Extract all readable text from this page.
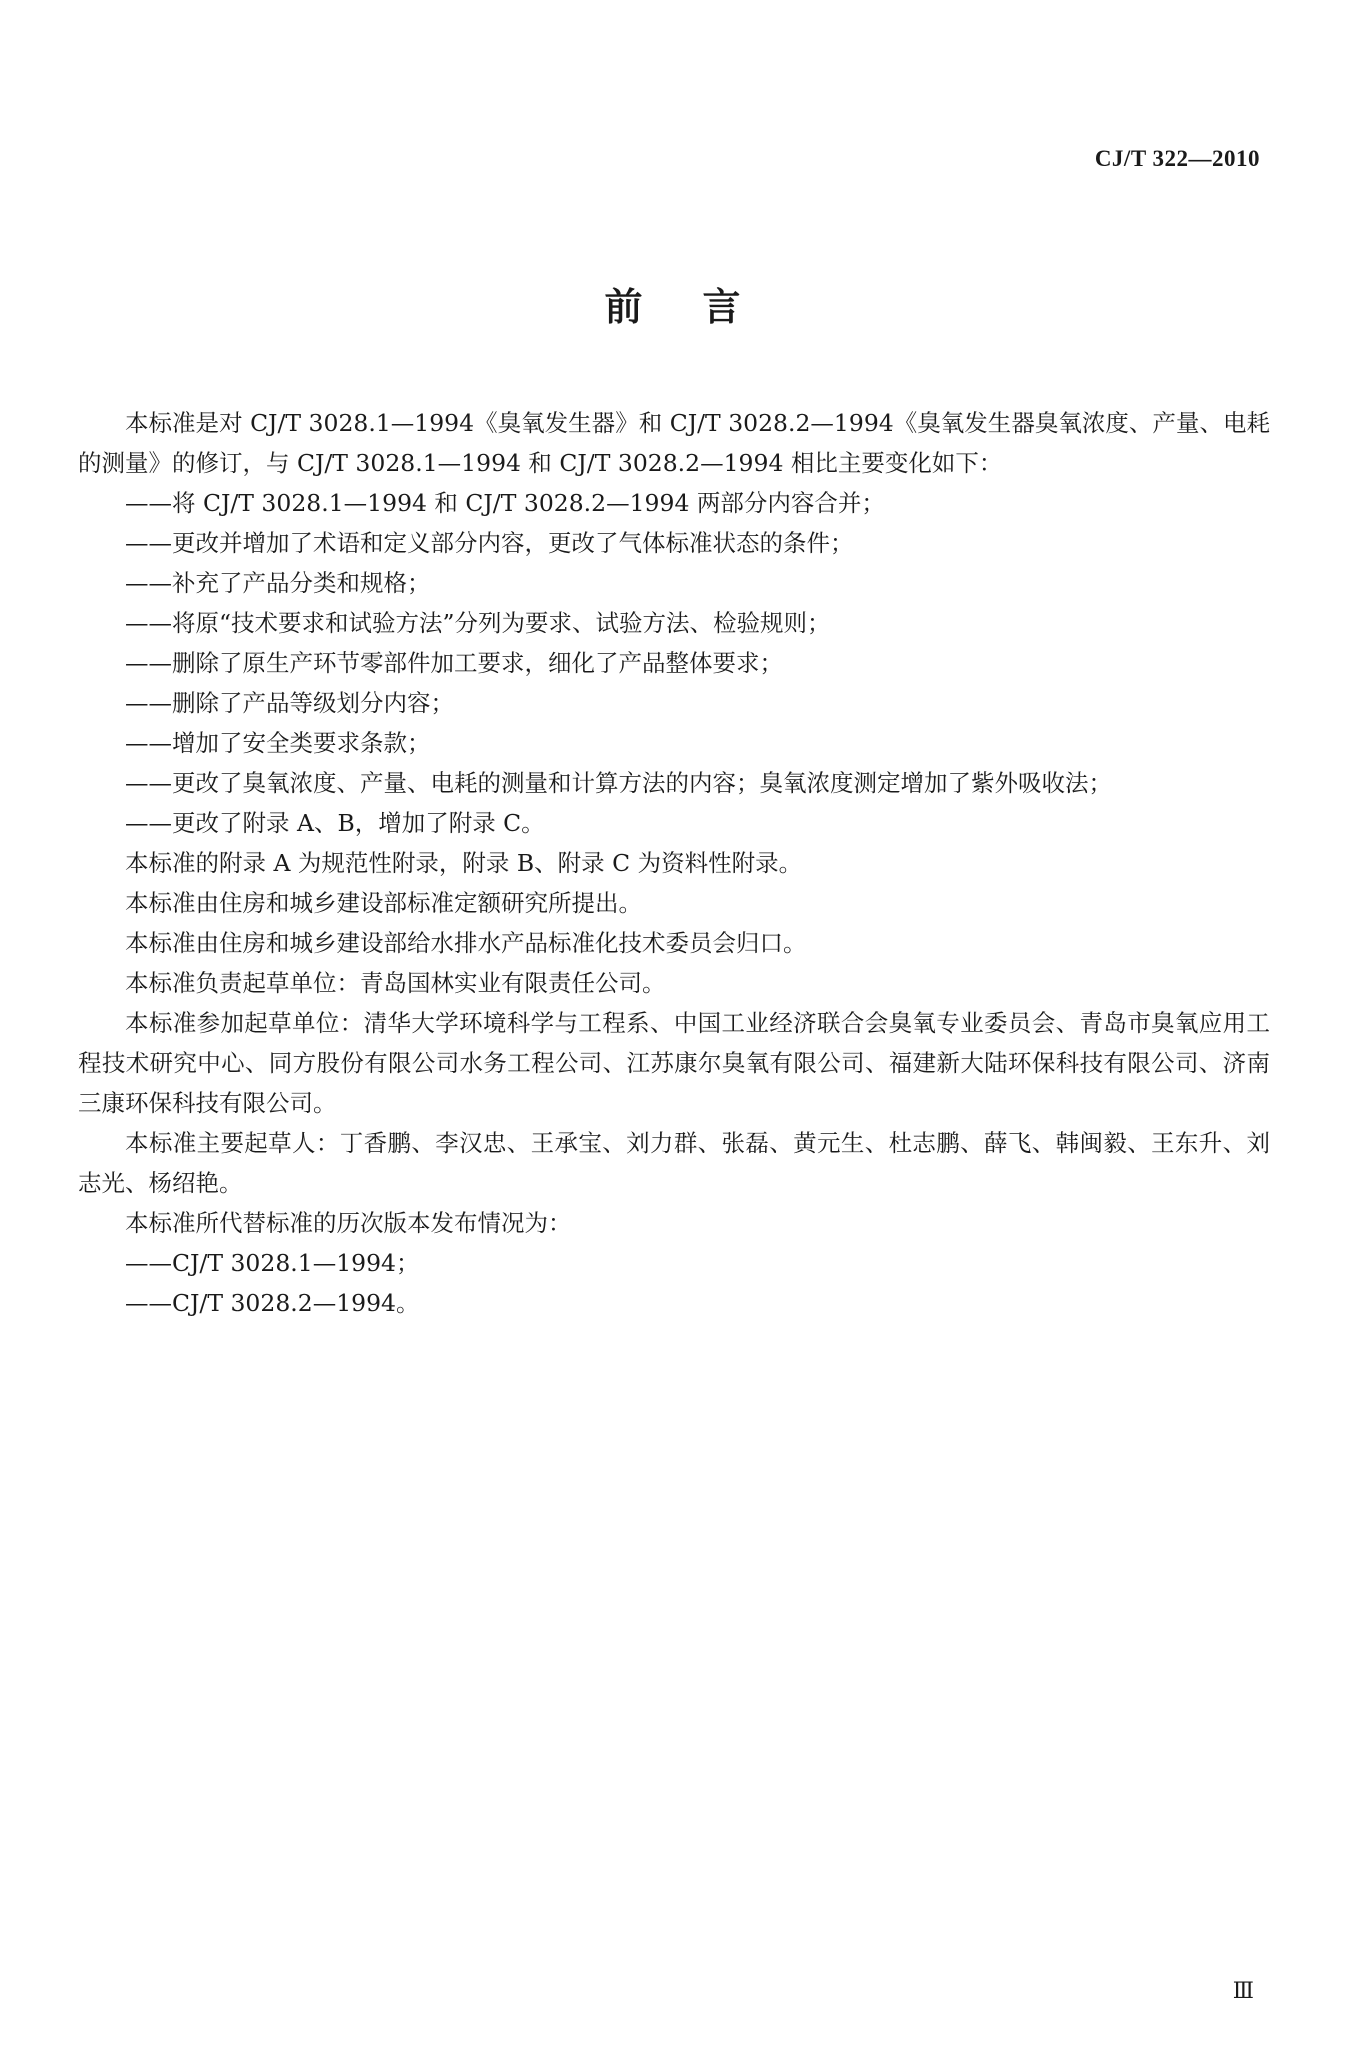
CJ/T 322—2010
前言

本标准是对 CJ/T 3028.1—1994《臭氧发生器》和 CJ/T 3028.2—1994《臭氧发生器臭氧浓度、产量、电耗的测量》的修订，与 CJ/T 3028.1—1994 和 CJ/T 3028.2—1994 相比主要变化如下：

——将 CJ/T 3028.1—1994 和 CJ/T 3028.2—1994 两部分内容合并；

——更改并增加了术语和定义部分内容，更改了气体标准状态的条件；

——补充了产品分类和规格；

——将原“技术要求和试验方法”分列为要求、试验方法、检验规则；

——删除了原生产环节零部件加工要求，细化了产品整体要求；

——删除了产品等级划分内容；

——增加了安全类要求条款；

——更改了臭氧浓度、产量、电耗的测量和计算方法的内容；臭氧浓度测定增加了紫外吸收法；

——更改了附录 A、B，增加了附录 C。

本标准的附录 A 为规范性附录，附录 B、附录 C 为资料性附录。

本标准由住房和城乡建设部标准定额研究所提出。

本标准由住房和城乡建设部给水排水产品标准化技术委员会归口。

本标准负责起草单位：青岛国林实业有限责任公司。

本标准参加起草单位：清华大学环境科学与工程系、中国工业经济联合会臭氧专业委员会、青岛市臭氧应用工程技术研究中心、同方股份有限公司水务工程公司、江苏康尔臭氧有限公司、福建新大陆环保科技有限公司、济南三康环保科技有限公司。

本标准主要起草人：丁香鹏、李汉忠、王承宝、刘力群、张磊、黄元生、杜志鹏、薛飞、韩闽毅、王东升、刘志光、杨绍艳。

本标准所代替标准的历次版本发布情况为：

——CJ/T 3028.1—1994；

——CJ/T 3028.2—1994。

Ⅲ
